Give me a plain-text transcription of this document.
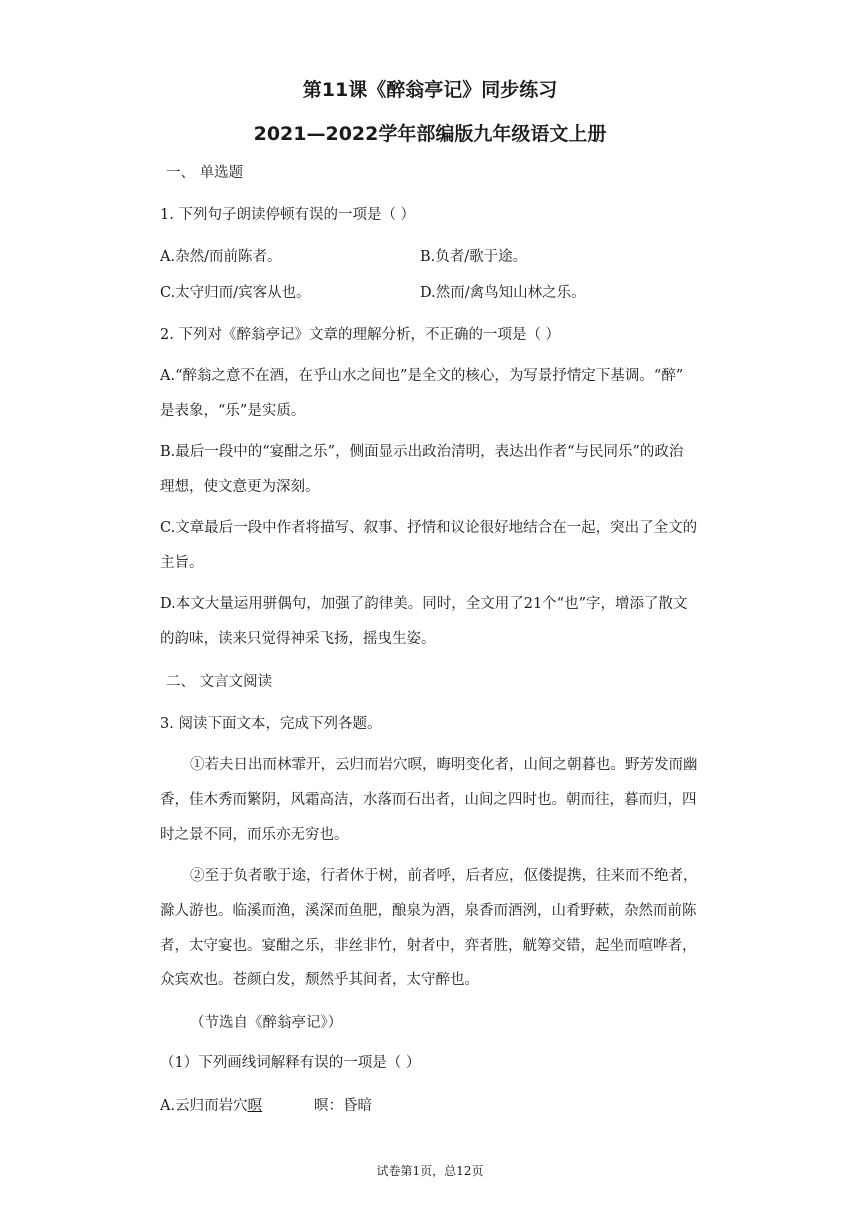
第11课《醉翁亭记》同步练习
2021—2022学年部编版九年级语文上册
一、 单选题
1. 下列句子朗读停顿有误的一项是（ ）
A.杂然/而前陈者。	B.负者/歌于途。
C.太守归而/宾客从也。	D.然而/禽鸟知山林之乐。
2. 下列对《醉翁亭记》文章的理解分析，不正确的一项是（ ）
A.“醉翁之意不在酒，在乎山水之间也”是全文的核心，为写景抒情定下基调。“醉”
是表象，“乐”是实质。
B.最后一段中的“宴酣之乐”，侧面显示出政治清明，表达出作者“与民同乐”的政治
理想，使文意更为深刻。
C.文章最后一段中作者将描写、叙事、抒情和议论很好地结合在一起，突出了全文的
主旨。
D.本文大量运用骈偶句，加强了韵律美。同时，全文用了21个“也”字，增添了散文
的韵味，读来只觉得神采飞扬，摇曳生姿。
二、 文言文阅读
3. 阅读下面文本，完成下列各题。
①若夫日出而林霏开，云归而岩穴暝，晦明变化者，山间之朝暮也。野芳发而幽
香，佳木秀而繁阴，风霜高洁，水落而石出者，山间之四时也。朝而往，暮而归，四
时之景不同，而乐亦无穷也。
②至于负者歌于途，行者休于树，前者呼，后者应，伛偻提携，往来而不绝者，
滁人游也。临溪而渔，溪深而鱼肥，酿泉为酒，泉香而酒洌，山肴野蔌，杂然而前陈
者，太守宴也。宴酣之乐，非丝非竹，射者中，弈者胜，觥筹交错，起坐而喧哗者，
众宾欢也。苍颜白发，颓然乎其间者，太守醉也。
（节选自《醉翁亭记》）
（1）下列画线词解释有误的一项是（ ）
A.云归而岩穴暝	暝：昏暗
试卷第1页，总12页
